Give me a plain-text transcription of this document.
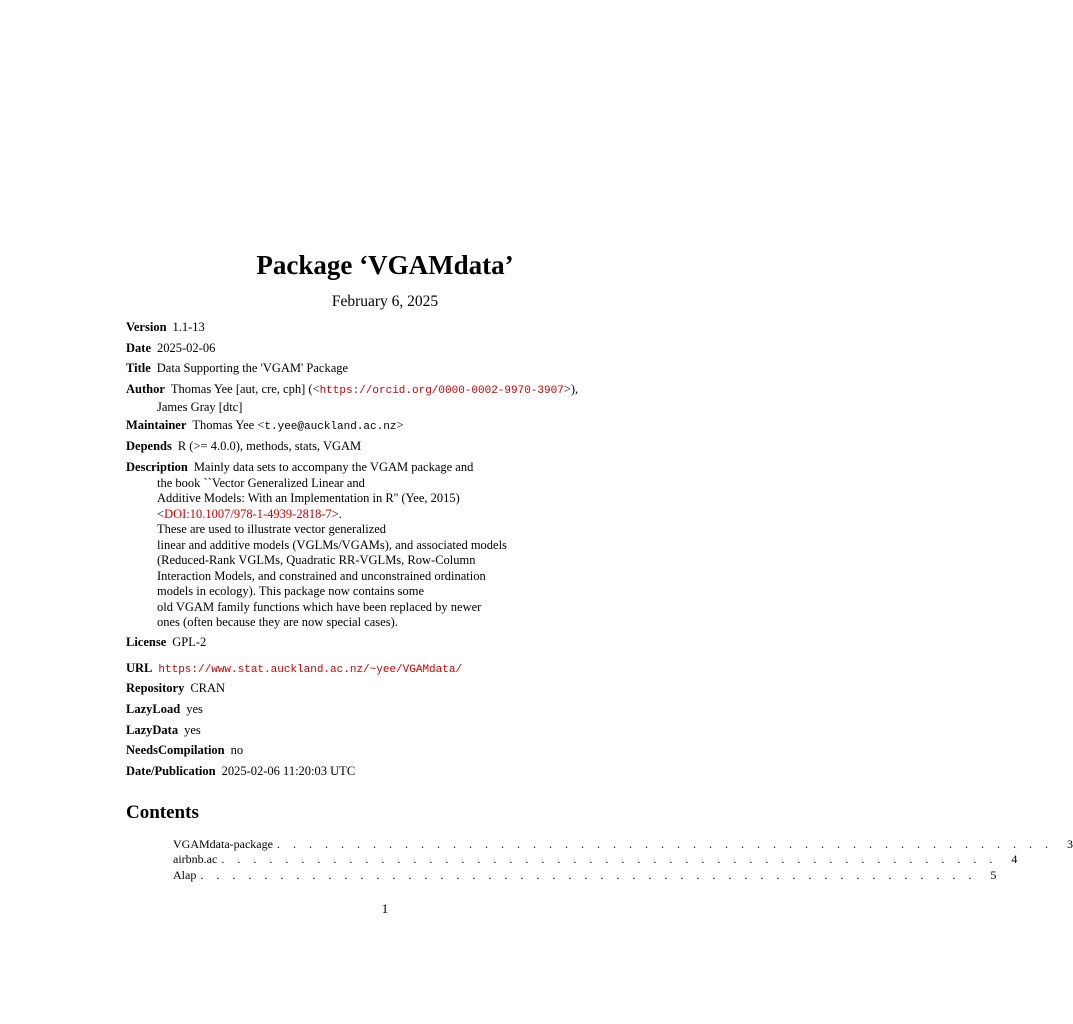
Package ‘VGAMdata’
February 6, 2025
Version 1.1-13
Date 2025-02-06
Title Data Supporting the 'VGAM' Package
Author Thomas Yee [aut, cre, cph] (<https://orcid.org/0000-0002-9970-3907>),
James Gray [dtc]
Maintainer Thomas Yee <t.yee@auckland.ac.nz>
Depends R (>= 4.0.0), methods, stats, VGAM
Description Mainly data sets to accompany the VGAM package and
the book ``Vector Generalized Linear and
Additive Models: With an Implementation in R'' (Yee, 2015)
<DOI:10.1007/978-1-4939-2818-7>.
These are used to illustrate vector generalized
linear and additive models (VGLMs/VGAMs), and associated models
(Reduced-Rank VGLMs, Quadratic RR-VGLMs, Row-Column
Interaction Models, and constrained and unconstrained ordination
models in ecology). This package now contains some
old VGAM family functions which have been replaced by newer
ones (often because they are now special cases).
License GPL-2
URL https://www.stat.auckland.ac.nz/~yee/VGAMdata/
Repository CRAN
LazyLoad yes
LazyData yes
NeedsCompilation no
Date/Publication 2025-02-06 11:20:03 UTC
Contents
VGAMdata-package . . . . . . . . . . . . . . . . . . . . . . . . . . . . . . . . . . . . . . . . . . . . . . . . .	3
airbnb.ac . . . . . . . . . . . . . . . . . . . . . . . . . . . . . . . . . . . . . . . . . . . . . . . . .	4
Alap . . . . . . . . . . . . . . . . . . . . . . . . . . . . . . . . . . . . . . . . . . . . . . . . .	5
1
